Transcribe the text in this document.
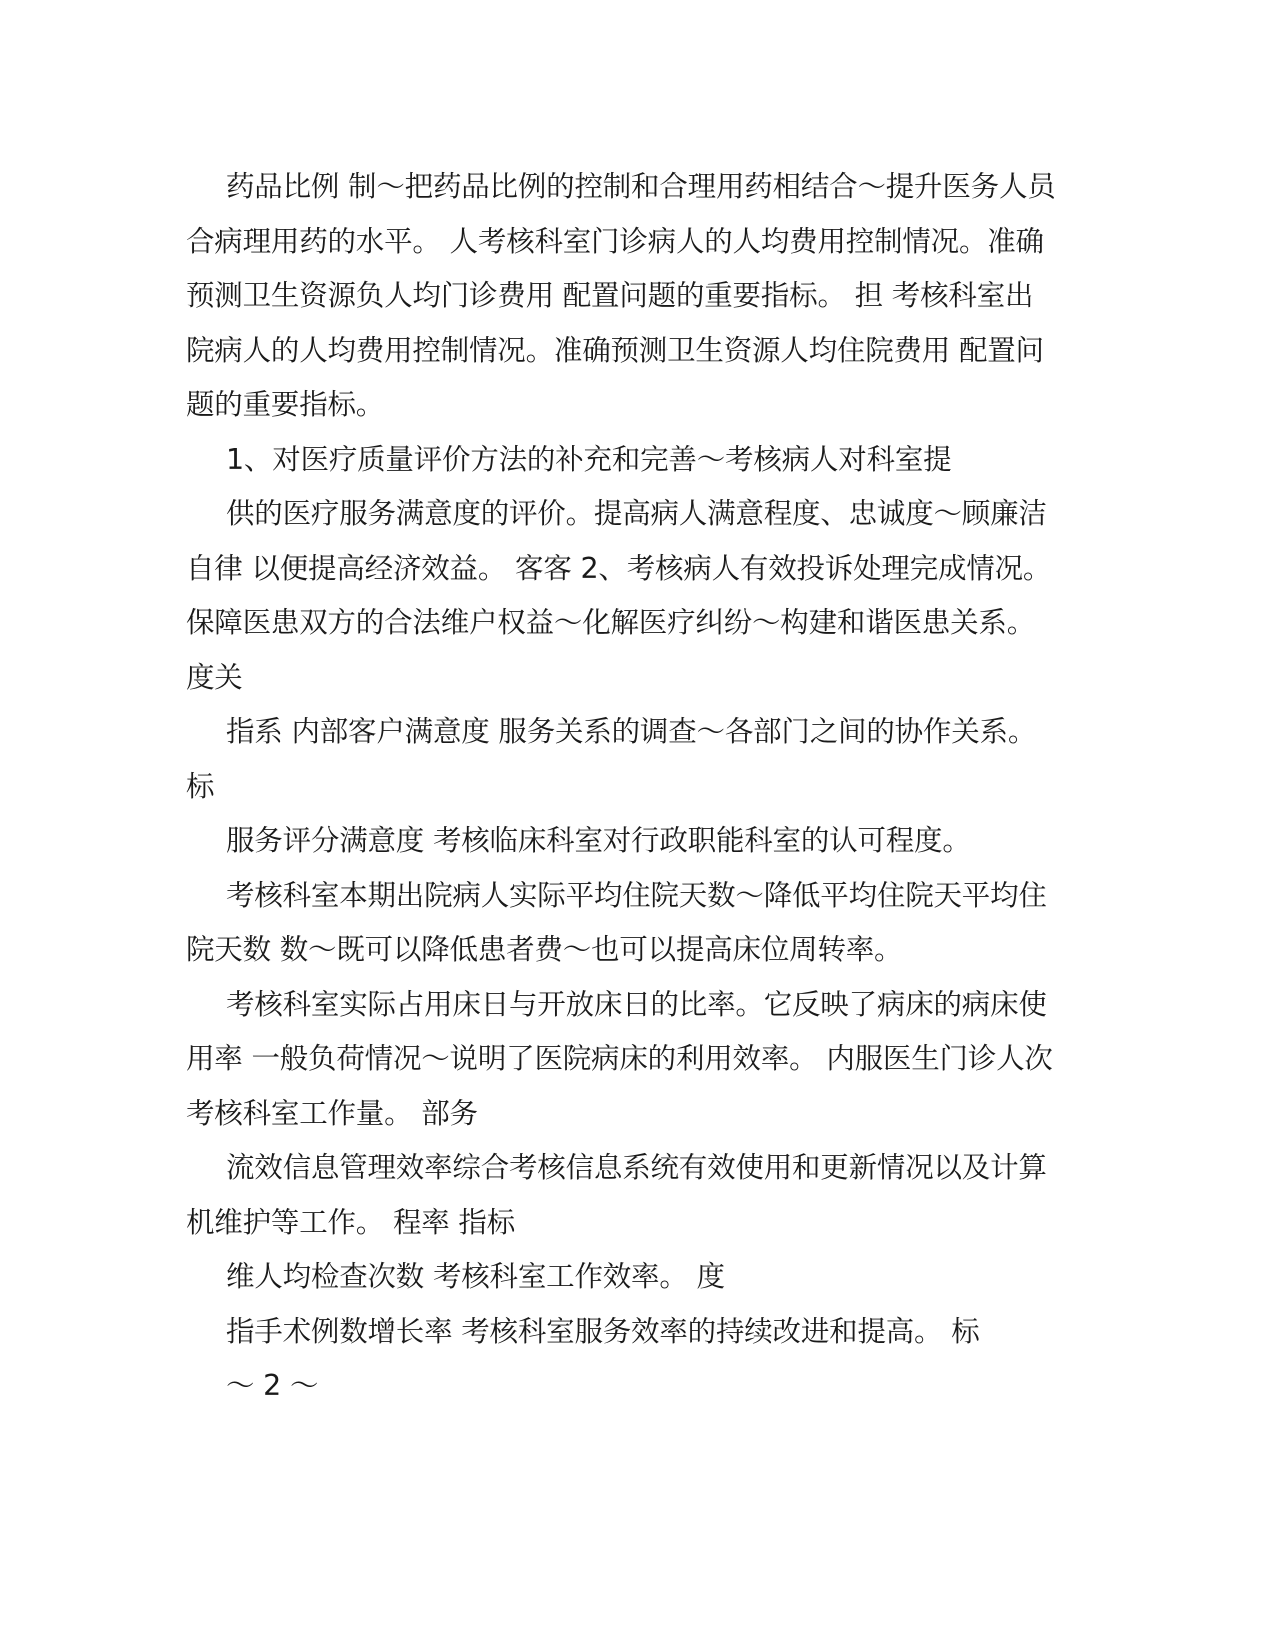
药品比例 制～把药品比例的控制和合理用药相结合～提升医务人员
合病理用药的水平。 人考核科室门诊病人的人均费用控制情况。准确
预测卫生资源负人均门诊费用 配置问题的重要指标。 担 考核科室出
院病人的人均费用控制情况。准确预测卫生资源人均住院费用 配置问
题的重要指标。
1、对医疗质量评价方法的补充和完善～考核病人对科室提
供的医疗服务满意度的评价。提高病人满意程度、忠诚度～顾廉洁
自律 以便提高经济效益。 客客 2、考核病人有效投诉处理完成情况。
保障医患双方的合法维户权益～化解医疗纠纷～构建和谐医患关系。
度关
指系 内部客户满意度 服务关系的调查～各部门之间的协作关系。
标
服务评分满意度 考核临床科室对行政职能科室的认可程度。
考核科室本期出院病人实际平均住院天数～降低平均住院天平均住
院天数 数～既可以降低患者费～也可以提高床位周转率。
考核科室实际占用床日与开放床日的比率。它反映了病床的病床使
用率 一般负荷情况～说明了医院病床的利用效率。 内服医生门诊人次
考核科室工作量。 部务
流效信息管理效率综合考核信息系统有效使用和更新情况以及计算
机维护等工作。 程率 指标
维人均检查次数 考核科室工作效率。 度
指手术例数增长率 考核科室服务效率的持续改进和提高。 标
～ 2 ～
